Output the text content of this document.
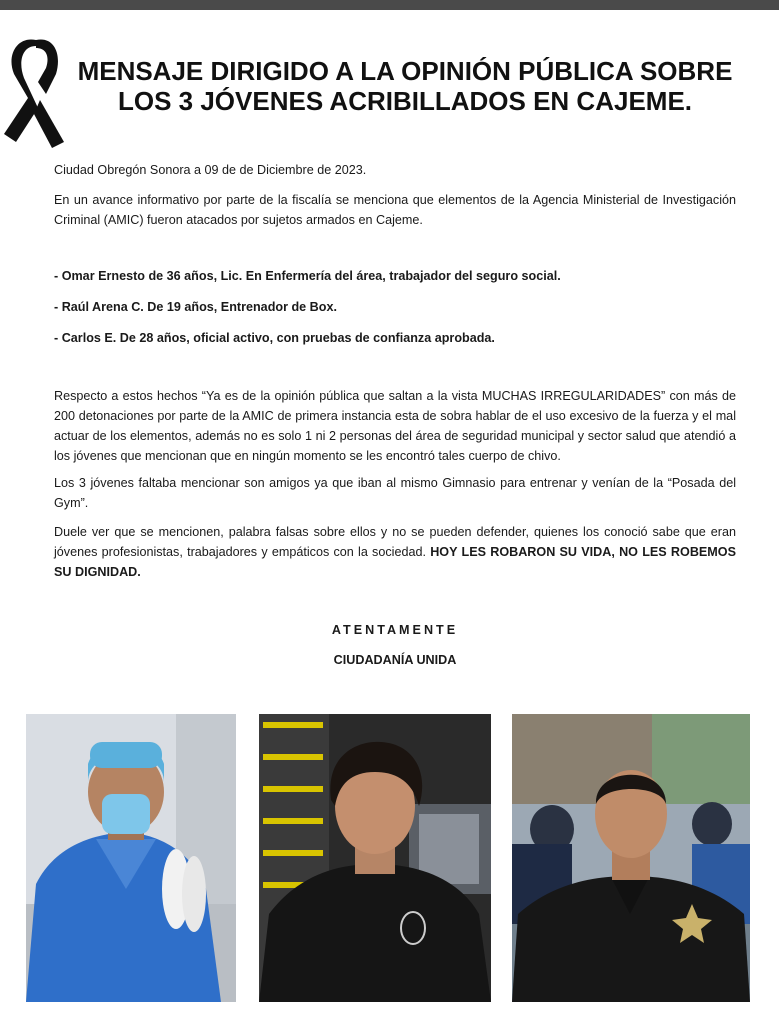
MENSAJE DIRIGIDO A LA OPINIÓN PÚBLICA SOBRE
LOS 3 JÓVENES ACRIBILLADOS EN CAJEME.

Ciudad Obregón Sonora a 09 de de Diciembre de 2023.

En un avance informativo por parte de la fiscalía se menciona que elementos de la Agencia Ministerial de Investigación Criminal (AMIC) fueron atacados por sujetos armados en Cajeme.

- Omar Ernesto de 36 años, Lic. En Enfermería del área, trabajador del seguro social.

- Raúl Arena C. De 19 años, Entrenador de Box.

- Carlos E. De 28 años, oficial activo, con pruebas de confianza aprobada.

Respecto a estos hechos “Ya es de la opinión pública que saltan a la vista MUCHAS IRREGULARIDADES” con más de 200 detonaciones por parte de la AMIC de primera instancia esta de sobra hablar de el uso excesivo de la fuerza y el mal actuar de los elementos, además no es solo 1 ni 2 personas del área de seguridad municipal y sector salud que atendió a los jóvenes que mencionan que en ningún momento se les encontró tales cuerpo de chivo.

Los 3 jóvenes faltaba mencionar son amigos ya que iban al mismo Gimnasio para entrenar y venían de la “Posada del Gym”.

Duele ver que se mencionen, palabra falsas sobre ellos y no se pueden defender, quienes los conoció sabe que eran jóvenes profesionistas, trabajadores y empáticos con la sociedad. HOY LES ROBARON SU VIDA, NO LES ROBEMOS SU DIGNIDAD.

ATENTAMENTE

CIUDADANÍA UNIDA
